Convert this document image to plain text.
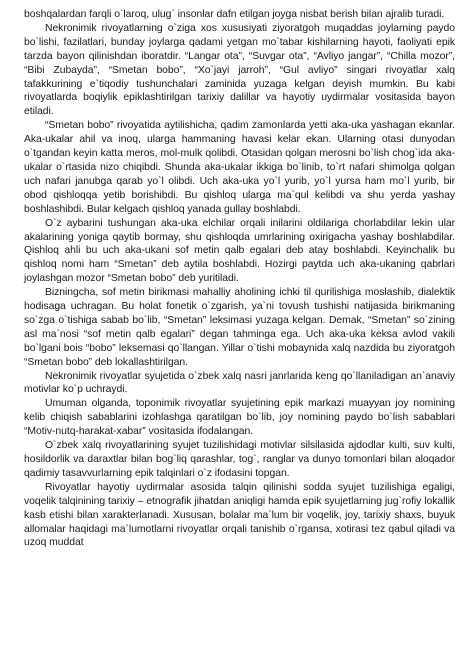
boshqalardan farqli o`laroq, ulug` insonlar dafn etilgan joyga nisbat berish bilan ajralib turadi.

Nekronimik rivoyatlarning o`ziga xos xususiyati ziyoratgoh muqaddas joylarning paydo bo`lishi, fazilatlari, bunday joylarga qadami yetgan mo`tabar kishilarning hayoti, faoliyati epik tarzda bayon qilinishdan iboratdir. “Langar ota”, “Suvgar ota”, “Avliyo jangar”, “Chilla mozor”, “Bibi Zubayda”, “Smetan bobo”, “Xo`jayi jarroh”, “Gul avliyo” singari rivoyatlar xalq tafakkurining e`tiqodiy tushunchalari zaminida yuzaga kelgan deyish mumkin. Bu kabi rivoyatlarda boqiylik epiklashtirilgan tarixiy dalillar va hayotiy uydirmalar vositasida bayon etiladi.

“Smetan bobo” rivoyatida aytilishicha, qadim zamonlarda yetti aka-uka yashagan ekanlar. Aka-ukalar ahil va inoq, ularga hammaning havasi kelar ekan. Ularning otasi dunyodan o`tgandan keyin katta meros, mol-mulk qolibdi. Otasidan qolgan merosni bo`lish chog`ida aka-ukalar o`rtasida nizo chiqibdi. Shunda aka-ukalar ikkiga bo`linib, to`rt nafari shimolga qolgan uch nafari janubga qarab yo`l olibdi. Uch aka-uka yo`l yurib, yo`l yursa ham mo`l yurib, bir obod qishloqqa yetib borishibdi. Bu qishloq ularga ma`qul kelibdi va shu yerda yashay boshlashibdi. Bular kelgach qishloq yanada gullay boshlabdi.

O`z aybarini tushungan aka-uka elchilar orqali inilarini oldilariga chorlabdilar lekin ular akalarining yoniga qaytib bormay, shu qishloqda umrlarining oxirigacha yashay boshlabdilar. Qishloq ahli bu uch aka-ukani sof metin qalb egalari deb atay boshlabdi. Keyinchalik bu qishloq nomi ham “Smetan” deb aytila boshlabdi. Hozirgi paytda uch aka-ukaning qabrlari joylashgan mozor “Smetan bobo” deb yuritiladi.

Bizningcha, sof metin birikmasi mahalliy aholining ichki til qurilishiga moslashib, dialektik hodisaga uchragan. Bu holat fonetik o`zgarish, ya`ni tovush tushishi natijasida birikmaning so`zga o`tishiga sabab bo`lib, “Smetan” leksimasi yuzaga kelgan. Demak, “Smetan” so`zining asl ma`nosi “sof metin qalb egalari” degan tahminga ega. Uch aka-uka keksa avlod vakili bo`lgani bois “bobo” leksemasi qo`llangan. Yillar o`tishi mobaynida xalq nazdida bu ziyoratgoh “Smetan bobo” deb lokallashtirilgan.

Nekronimik rivoyatlar syujetida o`zbek xalq nasri janrlarida keng qo`llaniladigan an`anaviy motivlar ko`p uchraydi.

Umuman olganda, toponimik rivoyatlar syujetining epik markazi muayyan joy nomining kelib chiqish sabablarini izohlashga qaratilgan bo`lib, joy nomining paydo bo`lish sabablari “Motiv-nutq-harakat-xabar” vositasida ifodalangan.

O`zbek xalq rivoyatlarining syujet tuzilishidagi motivlar silsilasida ajdodlar kulti, suv kulti, hosildorlik va daraxtlar bilan bog`liq qarashlar, tog`, ranglar va dunyo tomonlari bilan aloqador qadimiy tasavvurlarning epik talqinlari o`z ifodasini topgan.

Rivoyatlar hayotiy uydirmalar asosida talqin qilinishi sodda syujet tuzilishiga egaligi, voqelik talqinining tarixiy – etnografik jihatdan aniqligi hamda epik syujetlarning jug`rofiy lokallik kasb etishi bilan xarakterlanadi. Xususan, bolalar ma`lum bir voqelik, joy, tarixiy shaxs, buyuk allomalar haqidagi ma`lumotlarni rivoyatlar orqali tanishib o`rgansa, xotirasi tez qabul qiladi va uzoq muddat
